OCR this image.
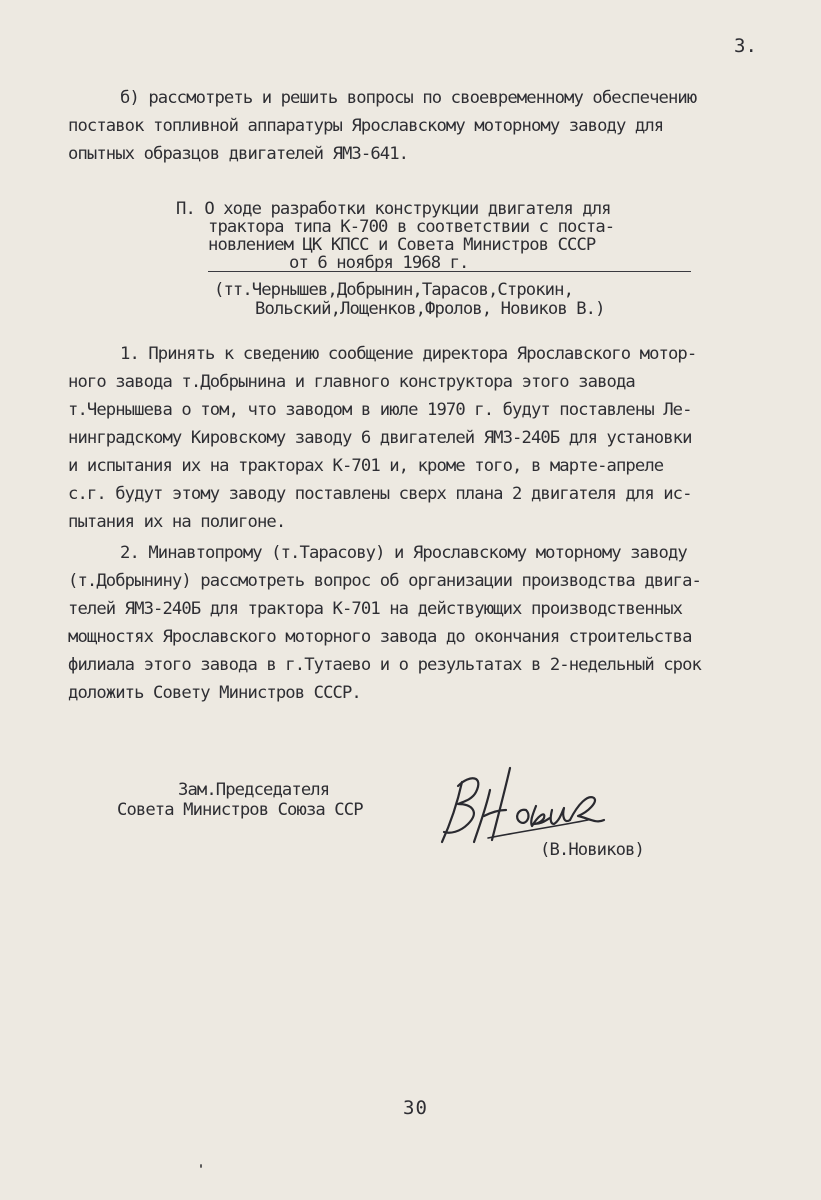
3.
б) рассмотреть и решить вопросы по своевременному обеспечению
поставок топливной аппаратуры Ярославскому моторному заводу для
опытных образцов двигателей ЯМЗ-641.
П. О ходе разработки конструкции двигателя для
трактора типа К-700 в соответствии с поста-
новлением ЦК КПСС и Совета Министров СССР
от 6 ноября 1968 г.
(тт.Чернышев,Добрынин,Тарасов,Строкин,
Вольский,Лощенков,Фролов, Новиков В.)
1. Принять к сведению сообщение директора Ярославского мотор-
ного завода т.Добрынина и главного конструктора этого завода
т.Чернышева о том, что заводом в июле 1970 г. будут поставлены Ле-
нинградскому Кировскому заводу 6 двигателей ЯМЗ-240Б для установки
и испытания их на тракторах К-701 и, кроме того, в марте-апреле
с.г. будут этому заводу поставлены сверх плана 2 двигателя для ис-
пытания их на полигоне.
2. Минавтопрому (т.Тарасову) и Ярославскому моторному заводу
(т.Добрынину) рассмотреть вопрос об организации производства двига-
телей ЯМЗ-240Б для трактора К-701 на действующих производственных
мощностях Ярославского моторного завода до окончания строительства
филиала этого завода в г.Тутаево и о результатах в 2-недельный срок
доложить Совету Министров СССР.
Зам.Председателя
Совета Министров Союза ССР
(В.Новиков)
30
